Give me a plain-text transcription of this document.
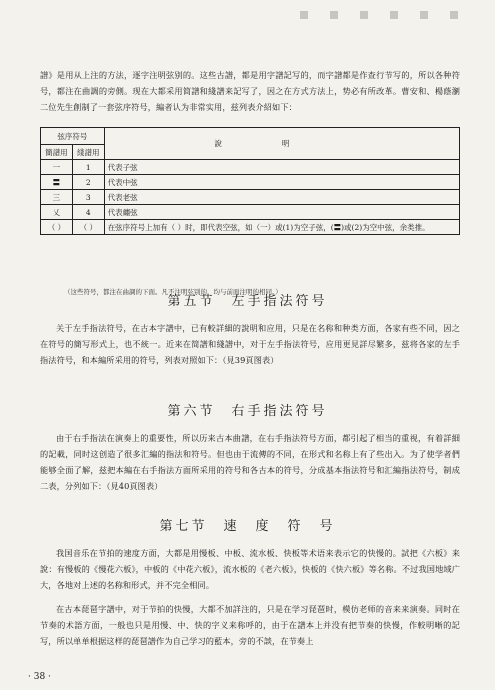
譜》是用从上注的方法，逐字注明弦别的。这些古譜，都是用字譜記写的，而字譜都是作查行节写的，所以各种符号，都注在曲調的旁側。现在大都采用简譜和綫譜来記写了，因之在方式方法上，势必有所改革。曹安和、楊蔭瀏二位先生創制了一套弦序符号，編者认为非常实用，兹列表介紹如下：

弦序符号		說明
簡譜用	綫譜用	
一	1	代表子弦
〓	2	代表中弦
三	3	代表老弦
乂	4	代表纏弦
（ ）	（ ）	在弦序符号上加有（ ）时，即代表空弦，如（一）或(1)为空子弦，(〓)或(2)为空中弦，余类推。
（这些符号，都注在曲調的下面。凡不注明弦别的，均与前面注明的相同。）
第五节　左手指法符号

关于左手指法符号，在古本字譜中，已有較詳細的說明和应用，只是在名称和种类方面，各家有些不同，因之在符号的簡写形式上，也不統一。近来在简譜和綫譜中，对于左手指法符号，应用更見詳尽繁多，兹将各家的左手指法符号，和本編所采用的符号，列表对照如下：（見39頁图表）

第六节　右手指法符号

由于右手指法在演奏上的重要性，所以历来古本曲譜，在右手指法符号方面，都引起了相当的重视，有着詳細的記載，同时这创造了很多汇編的指法和符号。但也由于流傳的不同，在形式和名称上有了些出入。为了使学者們能够全面了解，兹把本編在右手指法方面所采用的符号和各古本的符号，分成基本指法符号和汇編指法符号，制成二表，分列如下：（見40頁图表）

第七节　速　度　符　号

我国音乐在节拍的速度方面，大都是用慢板、中板、流水板、快板等术语来表示它的快慢的。試把《六板》来說：有慢板的《慢花六板》，中板的《中花六板》，流水板的《老六板》，快板的《快六板》等名称。不过我国地域广大，各地对上述的名称和形式，并不完全相同。

在古本琵琶字譜中，对于节拍的快慢，大都不加詳注的，只是在学习琵琶时，模仿老师的音来来演奏。同时在节奏的术語方面，一般也只是用慢、中、快的字义来称呼的，由于在譜本上并没有把节奏的快慢，作較明晰的記写，所以单单根据这样的琵琶譜作为自己学习的藍本，旁的不談，在节奏上

· 38 ·
